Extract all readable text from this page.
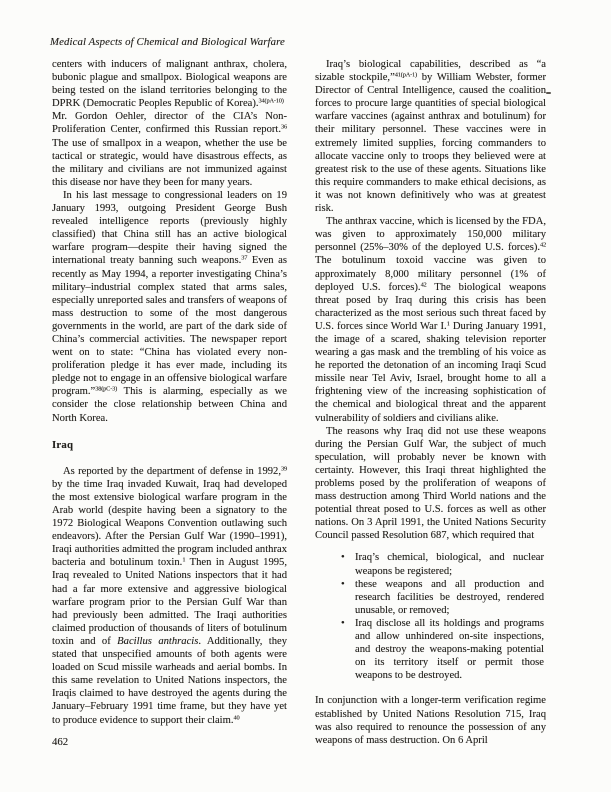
Medical Aspects of Chemical and Biological Warfare

centers with inducers of malignant anthrax, cholera, bubonic plague and smallpox. Biological weapons are being tested on the island territories belonging to the DPRK (Democratic Peoples Republic of Korea).$^{34(pA-10)}$

Mr. Gordon Oehler, director of the CIA’s Non-Proliferation Center, confirmed this Russian report.$^{36}$ The use of smallpox in a weapon, whether the use be tactical or strategic, would have disastrous effects, as the military and civilians are not immunized against this disease nor have they been for many years.

In his last message to congressional leaders on 19 January 1993, outgoing President George Bush revealed intelligence reports (previously highly classified) that China still has an active biological warfare program—despite their having signed the international treaty banning such weapons.$^{37}$ Even as recently as May 1994, a reporter investigating China’s military–industrial complex stated that arms sales, especially unreported sales and transfers of weapons of mass destruction to some of the most dangerous governments in the world, are part of the dark side of China’s commercial activities. The newspaper report went on to state: “China has violated every non-proliferation pledge it has ever made, including its pledge not to engage in an offensive biological warfare program.”$^{38(pC-3)}$ This is alarming, especially as we consider the close relationship between China and North Korea.

Iraq

As reported by the department of defense in 1992,39 by the time Iraq invaded Kuwait, Iraq had developed the most extensive biological warfare program in the Arab world (despite having been a signatory to the 1972 Biological Weapons Convention outlawing such endeavors). After the Persian Gulf War (1990–1991), Iraqi authorities admitted the program included anthrax bacteria and botulinum toxin.$^1$ Then in August 1995, Iraq revealed to United Nations inspectors that it had had a far more extensive and aggressive biological warfare program prior to the Persian Gulf War than had previously been admitted. The Iraqi authorities claimed production of thousands of liters of botulinum toxin and of Bacillus anthracis. Additionally, they stated that unspecified amounts of both agents were loaded on Scud missile warheads and aerial bombs. In this same revelation to United Nations inspectors, the Iraqis claimed to have destroyed the agents during the January–February 1991 time frame, but they have yet to produce evidence to support their claim.$^{40}$

Iraq’s biological capabilities, described as “a sizable stockpile,”$^{41(pA-1)}$ by William Webster, former Director of Central Intelligence, caused the coalition forces to procure large quantities of special biological warfare vaccines (against anthrax and botulinum) for their military personnel. These vaccines were in extremely limited supplies, forcing commanders to allocate vaccine only to troops they believed were at greatest risk to the use of these agents. Situations like this require commanders to make ethical decisions, as it was not known definitively who was at greatest risk.

The anthrax vaccine, which is licensed by the FDA, was given to approximately 150,000 military personnel (25%–30% of the deployed U.S. forces).$^{42}$ The botulinum toxoid vaccine was given to approximately 8,000 military personnel (1% of deployed U.S. forces).$^{42}$ The biological weapons threat posed by Iraq during this crisis has been characterized as the most serious such threat faced by U.S. forces since World War I.$^1$ During January 1991, the image of a scared, shaking television reporter wearing a gas mask and the trembling of his voice as he reported the detonation of an incoming Iraqi Scud missile near Tel Aviv, Israel, brought home to all a frightening view of the increasing sophistication of the chemical and biological threat and the apparent vulnerability of soldiers and civilians alike.

The reasons why Iraq did not use these weapons during the Persian Gulf War, the subject of much speculation, will probably never be known with certainty. However, this Iraqi threat highlighted the problems posed by the proliferation of weapons of mass destruction among Third World nations and the potential threat posed to U.S. forces as well as other nations. On 3 April 1991, the United Nations Security Council passed Resolution 687, which required that

• Iraq’s chemical, biological, and nuclear weapons be registered;
• these weapons and all production and research facilities be destroyed, rendered unusable, or removed;
• Iraq disclose all its holdings and programs and allow unhindered on-site inspections, and destroy the weapons-making potential on its territory itself or permit those weapons to be destroyed.

In conjunction with a longer-term verification regime established by United Nations Resolution 715, Iraq was also required to renounce the possession of any weapons of mass destruction. On 6 April

462
